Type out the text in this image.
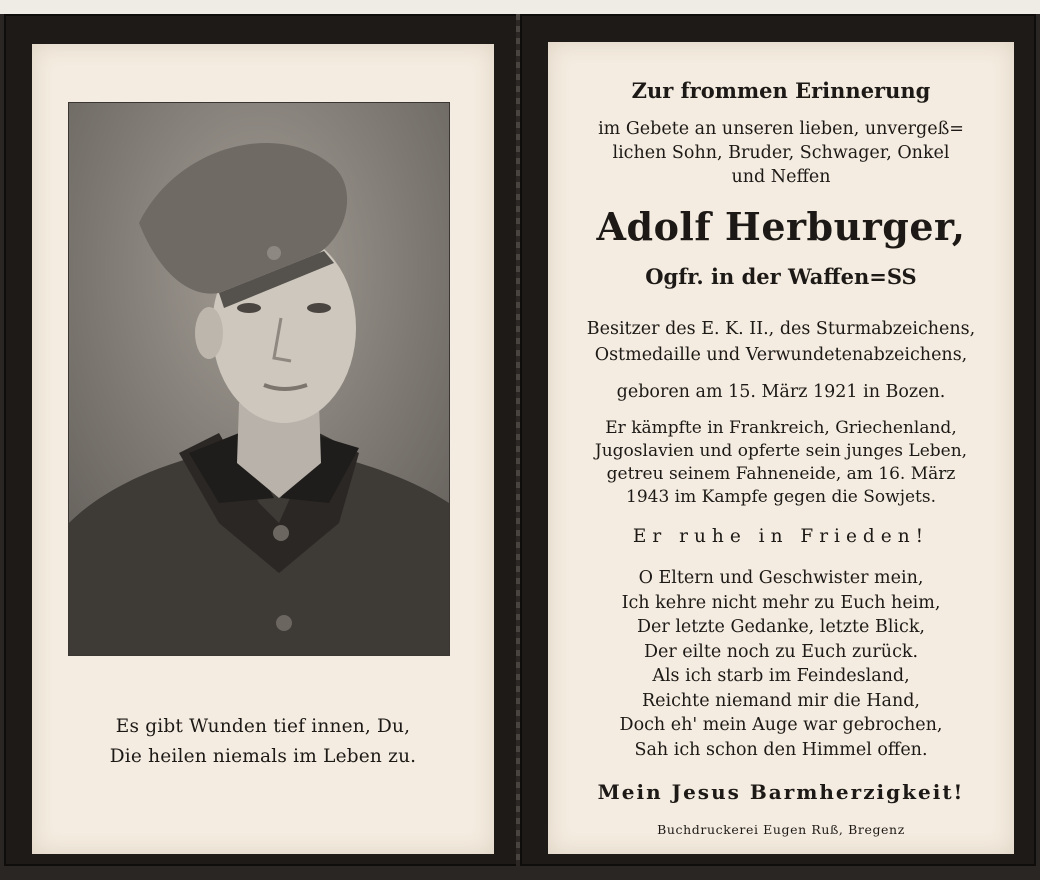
Es gibt Wunden tief innen, Du,
Die heilen niemals im Leben zu.
Zur frommen Erinnerung
im Gebete an unseren lieben, unvergeß=
lichen Sohn, Bruder, Schwager, Onkel
und Neffen
Adolf Herburger,
Ogfr. in der Waffen=SS
Besitzer des E. K. II., des Sturmabzeichens,
Ostmedaille und Verwundetenabzeichens,
geboren am 15. März 1921 in Bozen.
Er kämpfte in Frankreich, Griechenland,
Jugoslavien und opferte sein junges Leben,
getreu seinem Fahneneide, am 16. März
1943 im Kampfe gegen die Sowjets.
Er ruhe in Frieden!
O Eltern und Geschwister mein,
Ich kehre nicht mehr zu Euch heim,
Der letzte Gedanke, letzte Blick,
Der eilte noch zu Euch zurück.
Als ich starb im Feindesland,
Reichte niemand mir die Hand,
Doch eh' mein Auge war gebrochen,
Sah ich schon den Himmel offen.
Mein Jesus Barmherzigkeit!
Buchdruckerei Eugen Ruß, Bregenz
